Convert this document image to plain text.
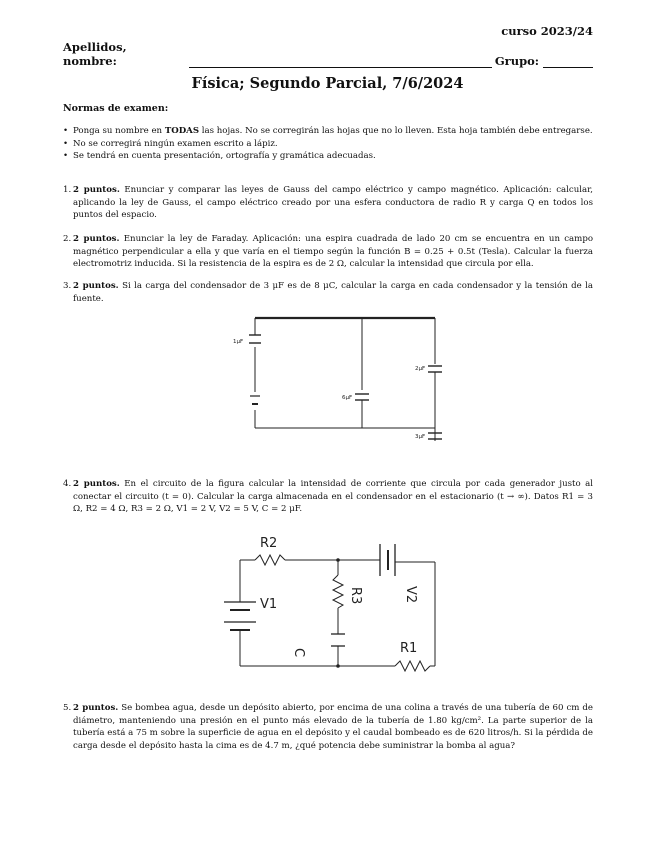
curso 2023/24
Apellidos, nombre:	Grupo:
Física; Segundo Parcial, 7/6/2024
Normas de examen:
• Ponga su nombre en TODAS las hojas. No se corregirán las hojas que no lo lleven. Esta hoja también debe entregarse.
• No se corregirá ningún examen escrito a lápiz.
• Se tendrá en cuenta presentación, ortografía y gramática adecuadas.
1. 2 puntos. Enunciar y comparar las leyes de Gauss del campo eléctrico y campo magnético. Aplicación: calcular, aplicando la ley de Gauss, el campo eléctrico creado por una esfera conductora de radio R y carga Q en todos los puntos del espacio.
2. 2 puntos. Enunciar la ley de Faraday. Aplicación: una espira cuadrada de lado 20 cm se encuentra en un campo magnético perpendicular a ella y que varía en el tiempo según la función B = 0.25 + 0.5t (Tesla). Calcular la fuerza electromotriz inducida. Si la resistencia de la espira es de 2 Ω, calcular la intensidad que circula por ella.
3. 2 puntos. Si la carga del condensador de 3 μF es de 8 μC, calcular la carga en cada condensador y la tensión de la fuente.
1μF
6μF
2μF
3μF
4. 2 puntos. En el circuito de la figura calcular la intensidad de corriente que circula por cada generador justo al conectar el circuito (t = 0). Calcular la carga almacenada en el condensador en el estacionario (t → ∞). Datos R1 = 3 Ω, R2 = 4 Ω, R3 = 2 Ω, V1 = 2 V, V2 = 5 V, C = 2 μF.
R2
V1
R3	V2
R1
C
5. 2 puntos. Se bombea agua, desde un depósito abierto, por encima de una colina a través de una tubería de 60 cm de diámetro, manteniendo una presión en el punto más elevado de la tubería de 1.80 kg/cm². La parte superior de la tubería está a 75 m sobre la superficie de agua en el depósito y el caudal bombeado es de 620 litros/h. Si la pérdida de carga desde el depósito hasta la cima es de 4.7 m, ¿qué potencia debe suministrar la bomba al agua?
